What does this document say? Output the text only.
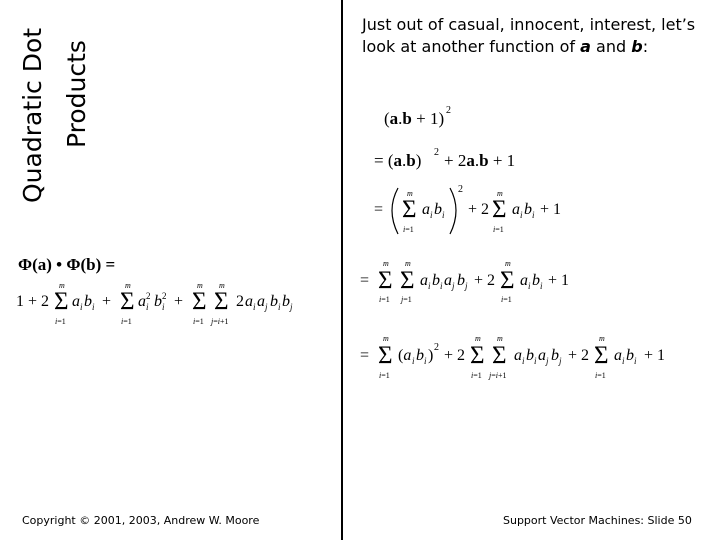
Quadratic Dot Products
Just out of casual, innocent, interest, let’s look at another function of a and b:
Φ(a) • Φ(b) =
1 + 2 Σ
m
i=1
a i b i + Σ
m
i=1
a i
2 b i
2 + Σ
m
i=1
Σ
m
j=i+1
2 a i a j b i b j
(a.b + 1) 2
= (a.b) 2 + 2a.b + 1
= Σ
m
i=1
a i b i
2
+ 2 Σ
m
i=1
a i b i + 1
= Σ
m
i=1
Σ
m
j=1
a i b i a j b j + 2 Σ
m
i=1
a i b i + 1
= Σ
m
i=1
(a i b i ) 2 + 2 Σ
m
i=1
Σ
m
j=i+1
a i b i a j b j + 2 Σ
m
i=1
a i b i + 1
Copyright © 2001, 2003, Andrew W. Moore	Support Vector Machines: Slide 50
